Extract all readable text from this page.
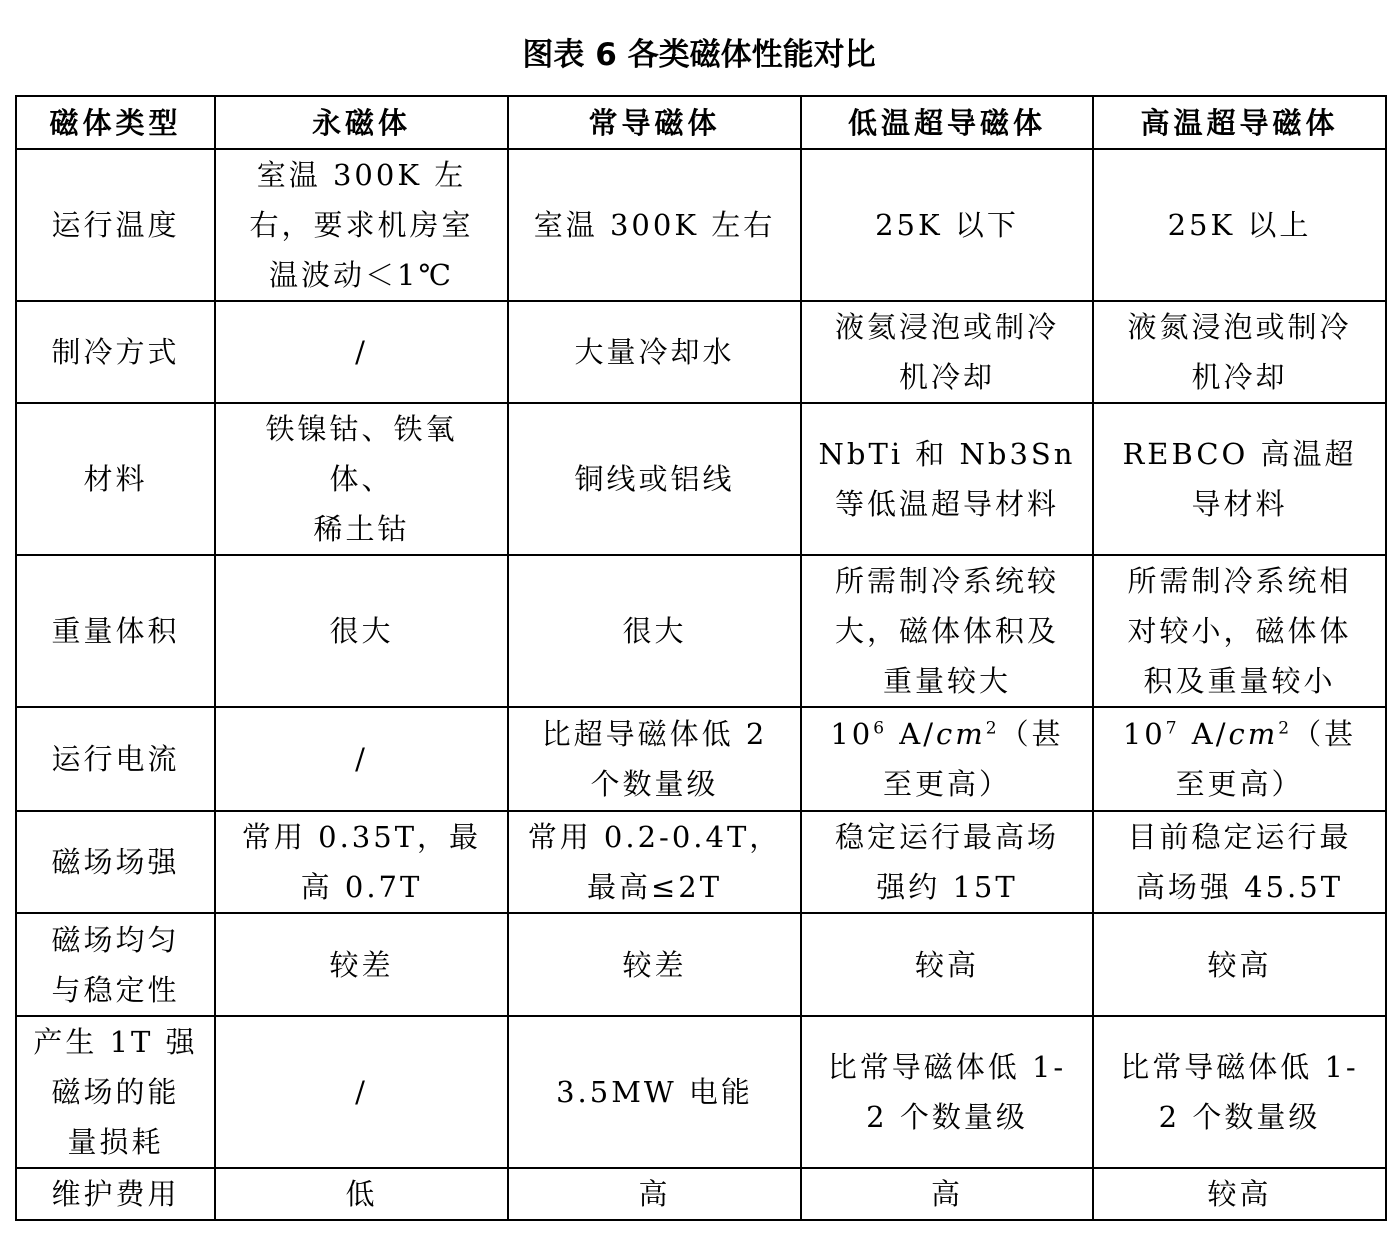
图表 6 各类磁体性能对比
磁体类型	永磁体	常导磁体	低温超导磁体	高温超导磁体

运行温度	室温 300K 左
右，要求机房室
温波动＜1℃	室温 300K 左右	25K 以下	25K 以上

制冷方式	/	大量冷却水	液氦浸泡或制冷
机冷却	液氮浸泡或制冷
机冷却

材料	铁镍钴、铁氧
体、
稀土钴	铜线或铝线	NbTi 和 Nb3Sn
等低温超导材料	REBCO 高温超
导材料

重量体积	很大	很大	所需制冷系统较
大，磁体体积及
重量较大	所需制冷系统相
对较小，磁体体
积及重量较小

运行电流	/	比超导磁体低 2
个数量级	$10^6$ $A/cm^2$（甚
至更高）	$10^7$ $A/cm^2$（甚
至更高）

磁场场强	常用 0.35T，最
高 0.7T	常用 0.2-0.4T，
最高≤2T	稳定运行最高场
强约 15T	目前稳定运行最
高场强 45.5T

磁场均匀
与稳定性	较差	较差	较高	较高

产生 1T 强
磁场的能
量损耗	/	3.5MW 电能	比常导磁体低 1-
2 个数量级	比常导磁体低 1-
2 个数量级

维护费用	低	高	高	较高
